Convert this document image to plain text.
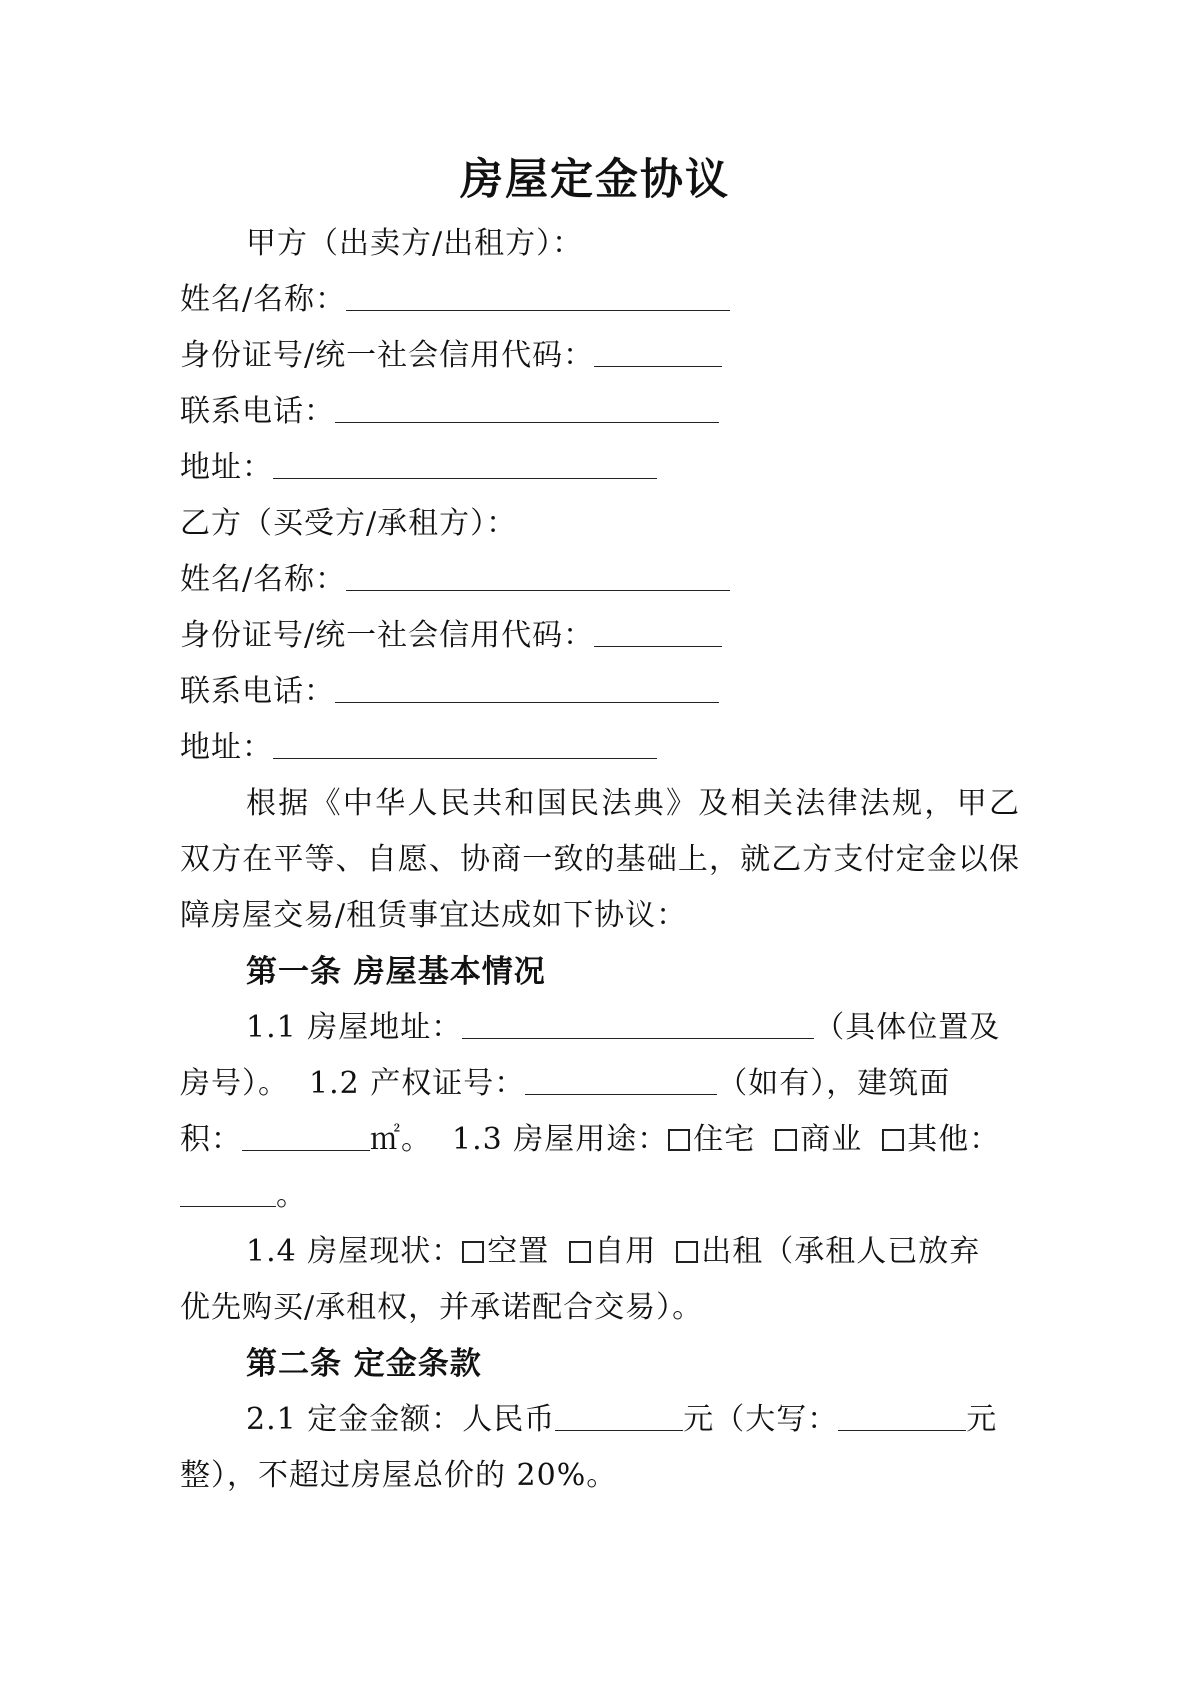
房屋定金协议
甲方（出卖方/出租方）：
姓名/名称：
身份证号/统一社会信用代码：
联系电话：
地址：
乙方（买受方/承租方）：
姓名/名称：
身份证号/统一社会信用代码：
联系电话：
地址：

根据《中华人民共和国民法典》及相关法律法规，甲乙双方在平等、自愿、协商一致的基础上，就乙方支付定金以保障房屋交易/租赁事宜达成如下协议：

第一条 房屋基本情况
1.1 房屋地址：	（具体位置及
房号）。 1.2 产权证号：	（如有），建筑面
积：	㎡。 1.3 房屋用途： 住宅 商业 其他：
。
1.4 房屋现状： 空置 自用 出租（承租人已放弃
优先购买/承租权，并承诺配合交易）。
第二条 定金条款
2.1 定金金额：人民币	元（大写：	元
整），不超过房屋总价的 20%。
